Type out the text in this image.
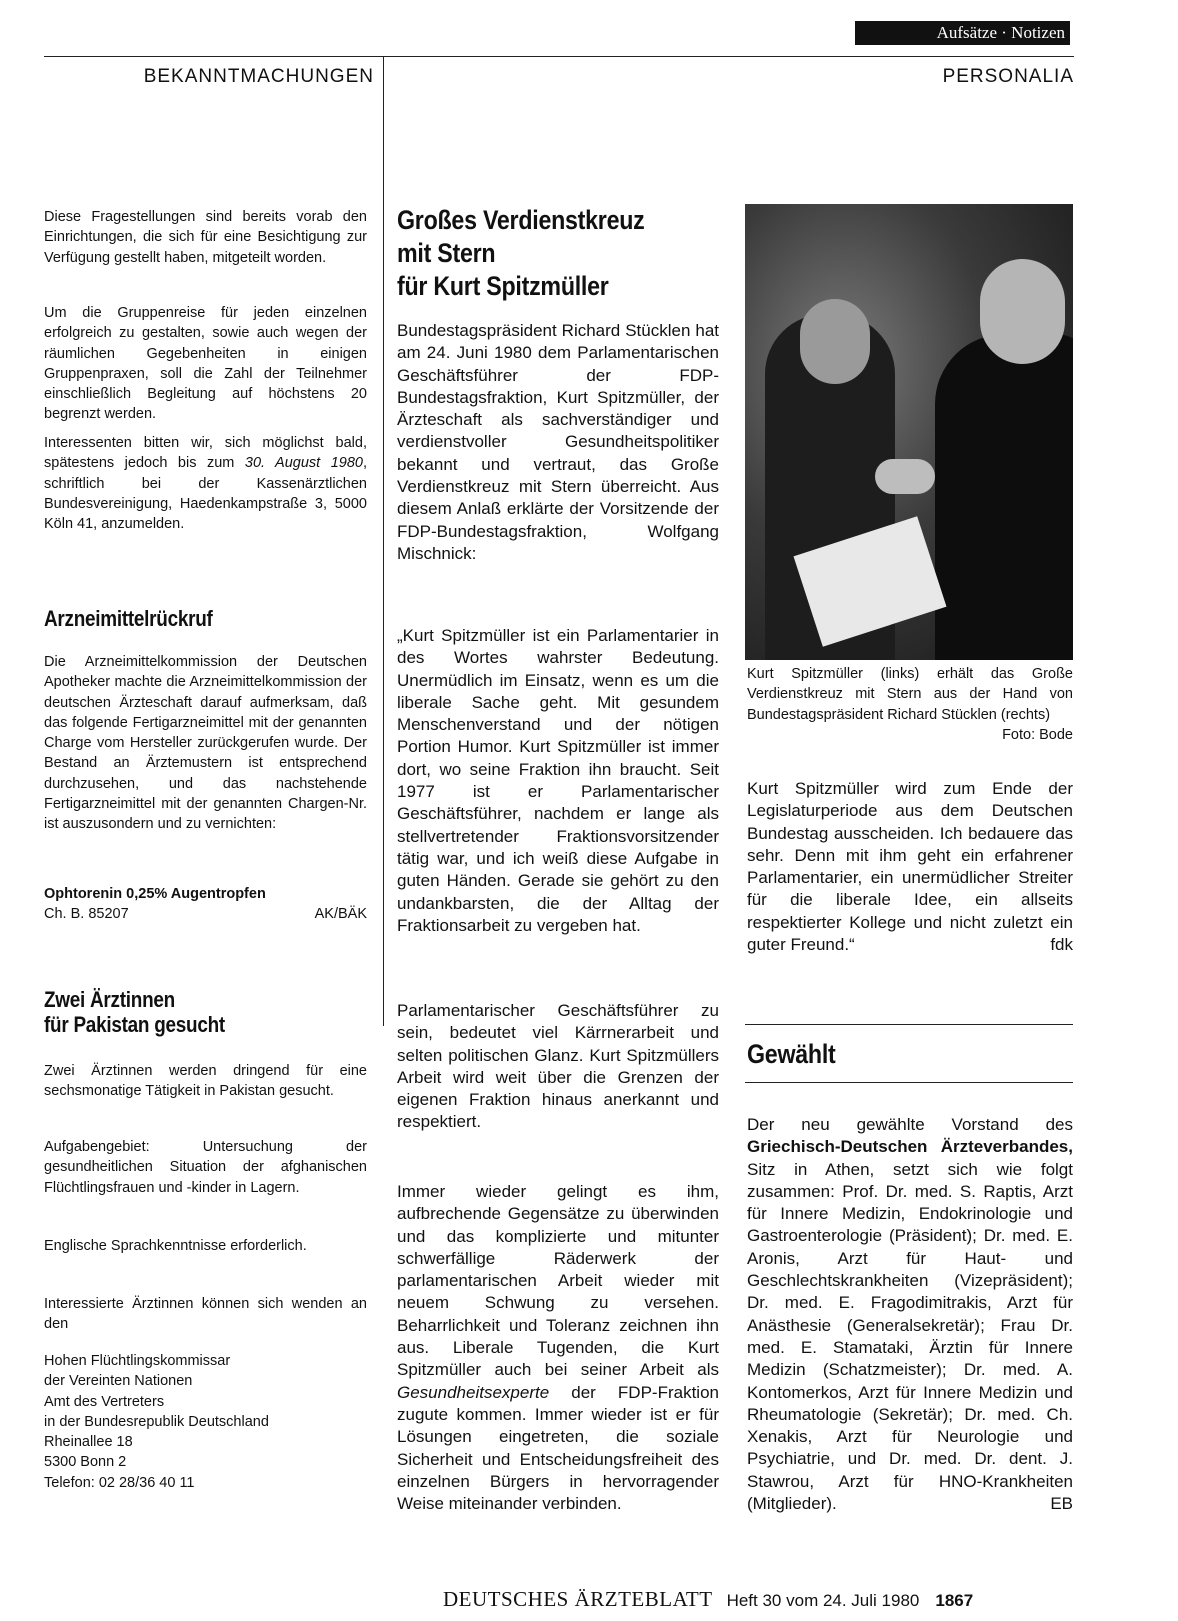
Aufsätze · Notizen
BEKANNTMACHUNGEN	PERSONALIA

Diese Fragestellungen sind bereits vorab den Einrichtungen, die sich für eine Besichtigung zur Verfügung gestellt haben, mitgeteilt worden.

Um die Gruppenreise für jeden einzelnen erfolgreich zu gestalten, sowie auch wegen der räumlichen Gegebenheiten in einigen Gruppenpraxen, soll die Zahl der Teilnehmer einschließlich Begleitung auf höchstens 20 begrenzt werden.

Interessenten bitten wir, sich möglichst bald, spätestens jedoch bis zum 30. August 1980, schriftlich bei der Kassenärztlichen Bundesvereinigung, Haedenkampstraße 3, 5000 Köln 41, anzumelden.

Arzneimittelrückruf

Die Arzneimittelkommission der Deutschen Apotheker machte die Arzneimittelkommission der deutschen Ärzteschaft darauf aufmerksam, daß das folgende Fertigarzneimittel mit der genannten Charge vom Hersteller zurückgerufen wurde. Der Bestand an Ärztemustern ist entsprechend durchzusehen, und das nachstehende Fertigarzneimittel mit der genannten Chargen-Nr. ist auszusondern und zu vernichten:

Ophtorenin 0,25% Augentropfen
Ch. B. 85207	AK/BÄK
Zwei Ärztinnen
für Pakistan gesucht

Zwei Ärztinnen werden dringend für eine sechsmonatige Tätigkeit in Pakistan gesucht.

Aufgabengebiet: Untersuchung der gesundheitlichen Situation der afghanischen Flüchtlingsfrauen und -kinder in Lagern.

Englische Sprachkenntnisse erforderlich.

Interessierte Ärztinnen können sich wenden an den

Hohen Flüchtlingskommissar
der Vereinten Nationen
Amt des Vertreters
in der Bundesrepublik Deutschland
Rheinallee 18
5300 Bonn 2
Telefon: 02 28/36 40 11
Großes Verdienstkreuz
mit Stern
für Kurt Spitzmüller

Bundestagspräsident Richard Stücklen hat am 24. Juni 1980 dem Parlamentarischen Geschäftsführer der FDP-Bundestagsfraktion, Kurt Spitzmüller, der Ärzteschaft als sachverständiger und verdienstvoller Gesundheitspolitiker bekannt und vertraut, das Große Verdienstkreuz mit Stern überreicht. Aus diesem Anlaß erklärte der Vorsitzende der FDP-Bundestagsfraktion, Wolfgang Mischnick:

„Kurt Spitzmüller ist ein Parlamentarier in des Wortes wahrster Bedeutung. Unermüdlich im Einsatz, wenn es um die liberale Sache geht. Mit gesundem Menschenverstand und der nötigen Portion Humor. Kurt Spitzmüller ist immer dort, wo seine Fraktion ihn braucht. Seit 1977 ist er Parlamentarischer Geschäftsführer, nachdem er lange als stellvertretender Fraktionsvorsitzender tätig war, und ich weiß diese Aufgabe in guten Händen. Gerade sie gehört zu den undankbarsten, die der Alltag der Fraktionsarbeit zu vergeben hat.

Parlamentarischer Geschäftsführer zu sein, bedeutet viel Kärrnerarbeit und selten politischen Glanz. Kurt Spitzmüllers Arbeit wird weit über die Grenzen der eigenen Fraktion hinaus anerkannt und respektiert.

Immer wieder gelingt es ihm, aufbrechende Gegensätze zu überwinden und das komplizierte und mitunter schwerfällige Räderwerk der parlamentarischen Arbeit wieder mit neuem Schwung zu versehen. Beharrlichkeit und Toleranz zeichnen ihn aus. Liberale Tugenden, die Kurt Spitzmüller auch bei seiner Arbeit als Gesundheitsexperte der FDP-Fraktion zugute kommen. Immer wieder ist er für Lösungen eingetreten, die soziale Sicherheit und Entscheidungsfreiheit des einzelnen Bürgers in hervorragender Weise miteinander verbinden.

Kurt Spitzmüller (links) erhält das Große Verdienstkreuz mit Stern aus der Hand von Bundestagspräsident Richard Stücklen (rechts)
Foto: Bode

Kurt Spitzmüller wird zum Ende der Legislaturperiode aus dem Deutschen Bundestag ausscheiden. Ich bedauere das sehr. Denn mit ihm geht ein erfahrener Parlamentarier, ein unermüdlicher Streiter für die liberale Idee, ein allseits respektierter Kollege und nicht zuletzt ein guter Freund.“	fdk

Gewählt

Der neu gewählte Vorstand des Griechisch-Deutschen Ärzteverbandes, Sitz in Athen, setzt sich wie folgt zusammen: Prof. Dr. med. S. Raptis, Arzt für Innere Medizin, Endokrinologie und Gastroenterologie (Präsident); Dr. med. E. Aronis, Arzt für Haut- und Geschlechtskrankheiten (Vizepräsident); Dr. med. E. Fragodimitrakis, Arzt für Anästhesie (Generalsekretär); Frau Dr. med. E. Stamataki, Ärztin für Innere Medizin (Schatzmeister); Dr. med. A. Kontomerkos, Arzt für Innere Medizin und Rheumatologie (Sekretär); Dr. med. Ch. Xenakis, Arzt für Neurologie und Psychiatrie, und Dr. med. Dr. dent. J. Stawrou, Arzt für HNO-Krankheiten (Mitglieder).	EB

DEUTSCHES ÄRZTEBLATT Heft 30 vom 24. Juli 1980 1867
